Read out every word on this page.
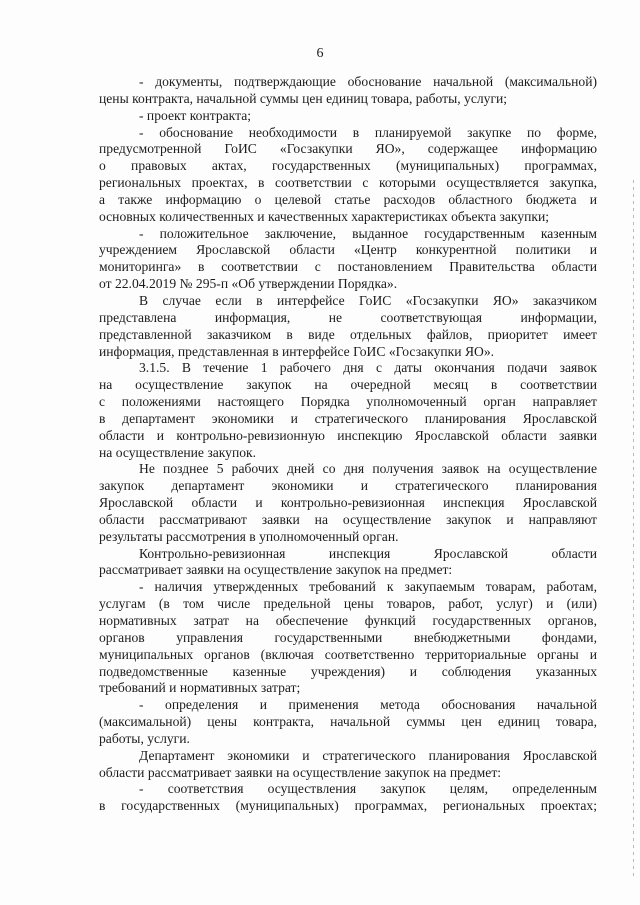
6
- документы, подтверждающие обоснование начальной (максимальной)
цены контракта, начальной суммы цен единиц товара, работы, услуги;
- проект контракта;
- обоснование необходимости в планируемой закупке по форме,
предусмотренной ГоИС «Госзакупки ЯО», содержащее информацию
о правовых актах, государственных (муниципальных) программах,
региональных проектах, в соответствии с которыми осуществляется закупка,
а также информацию о целевой статье расходов областного бюджета и
основных количественных и качественных характеристиках объекта закупки;
- положительное заключение, выданное государственным казенным
учреждением Ярославской области «Центр конкурентной политики и
мониторинга» в соответствии с постановлением Правительства области
от 22.04.2019 № 295-п «Об утверждении Порядка».
В случае если в интерфейсе ГоИС «Госзакупки ЯО» заказчиком
представлена информация, не соответствующая информации,
представленной заказчиком в виде отдельных файлов, приоритет имеет
информация, представленная в интерфейсе ГоИС «Госзакупки ЯО».
3.1.5. В течение 1 рабочего дня с даты окончания подачи заявок
на осуществление закупок на очередной месяц в соответствии
с положениями настоящего Порядка уполномоченный орган направляет
в департамент экономики и стратегического планирования Ярославской
области и контрольно-ревизионную инспекцию Ярославской области заявки
на осуществление закупок.
Не позднее 5 рабочих дней со дня получения заявок на осуществление
закупок департамент экономики и стратегического планирования
Ярославской области и контрольно-ревизионная инспекция Ярославской
области рассматривают заявки на осуществление закупок и направляют
результаты рассмотрения в уполномоченный орган.
Контрольно-ревизионная инспекция Ярославской области
рассматривает заявки на осуществление закупок на предмет:
- наличия утвержденных требований к закупаемым товарам, работам,
услугам (в том числе предельной цены товаров, работ, услуг) и (или)
нормативных затрат на обеспечение функций государственных органов,
органов управления государственными внебюджетными фондами,
муниципальных органов (включая соответственно территориальные органы и
подведомственные казенные учреждения) и соблюдения указанных
требований и нормативных затрат;
- определения и применения метода обоснования начальной
(максимальной) цены контракта, начальной суммы цен единиц товара,
работы, услуги.
Департамент экономики и стратегического планирования Ярославской
области рассматривает заявки на осуществление закупок на предмет:
- соответствия осуществления закупок целям, определенным
в государственных (муниципальных) программах, региональных проектах;
